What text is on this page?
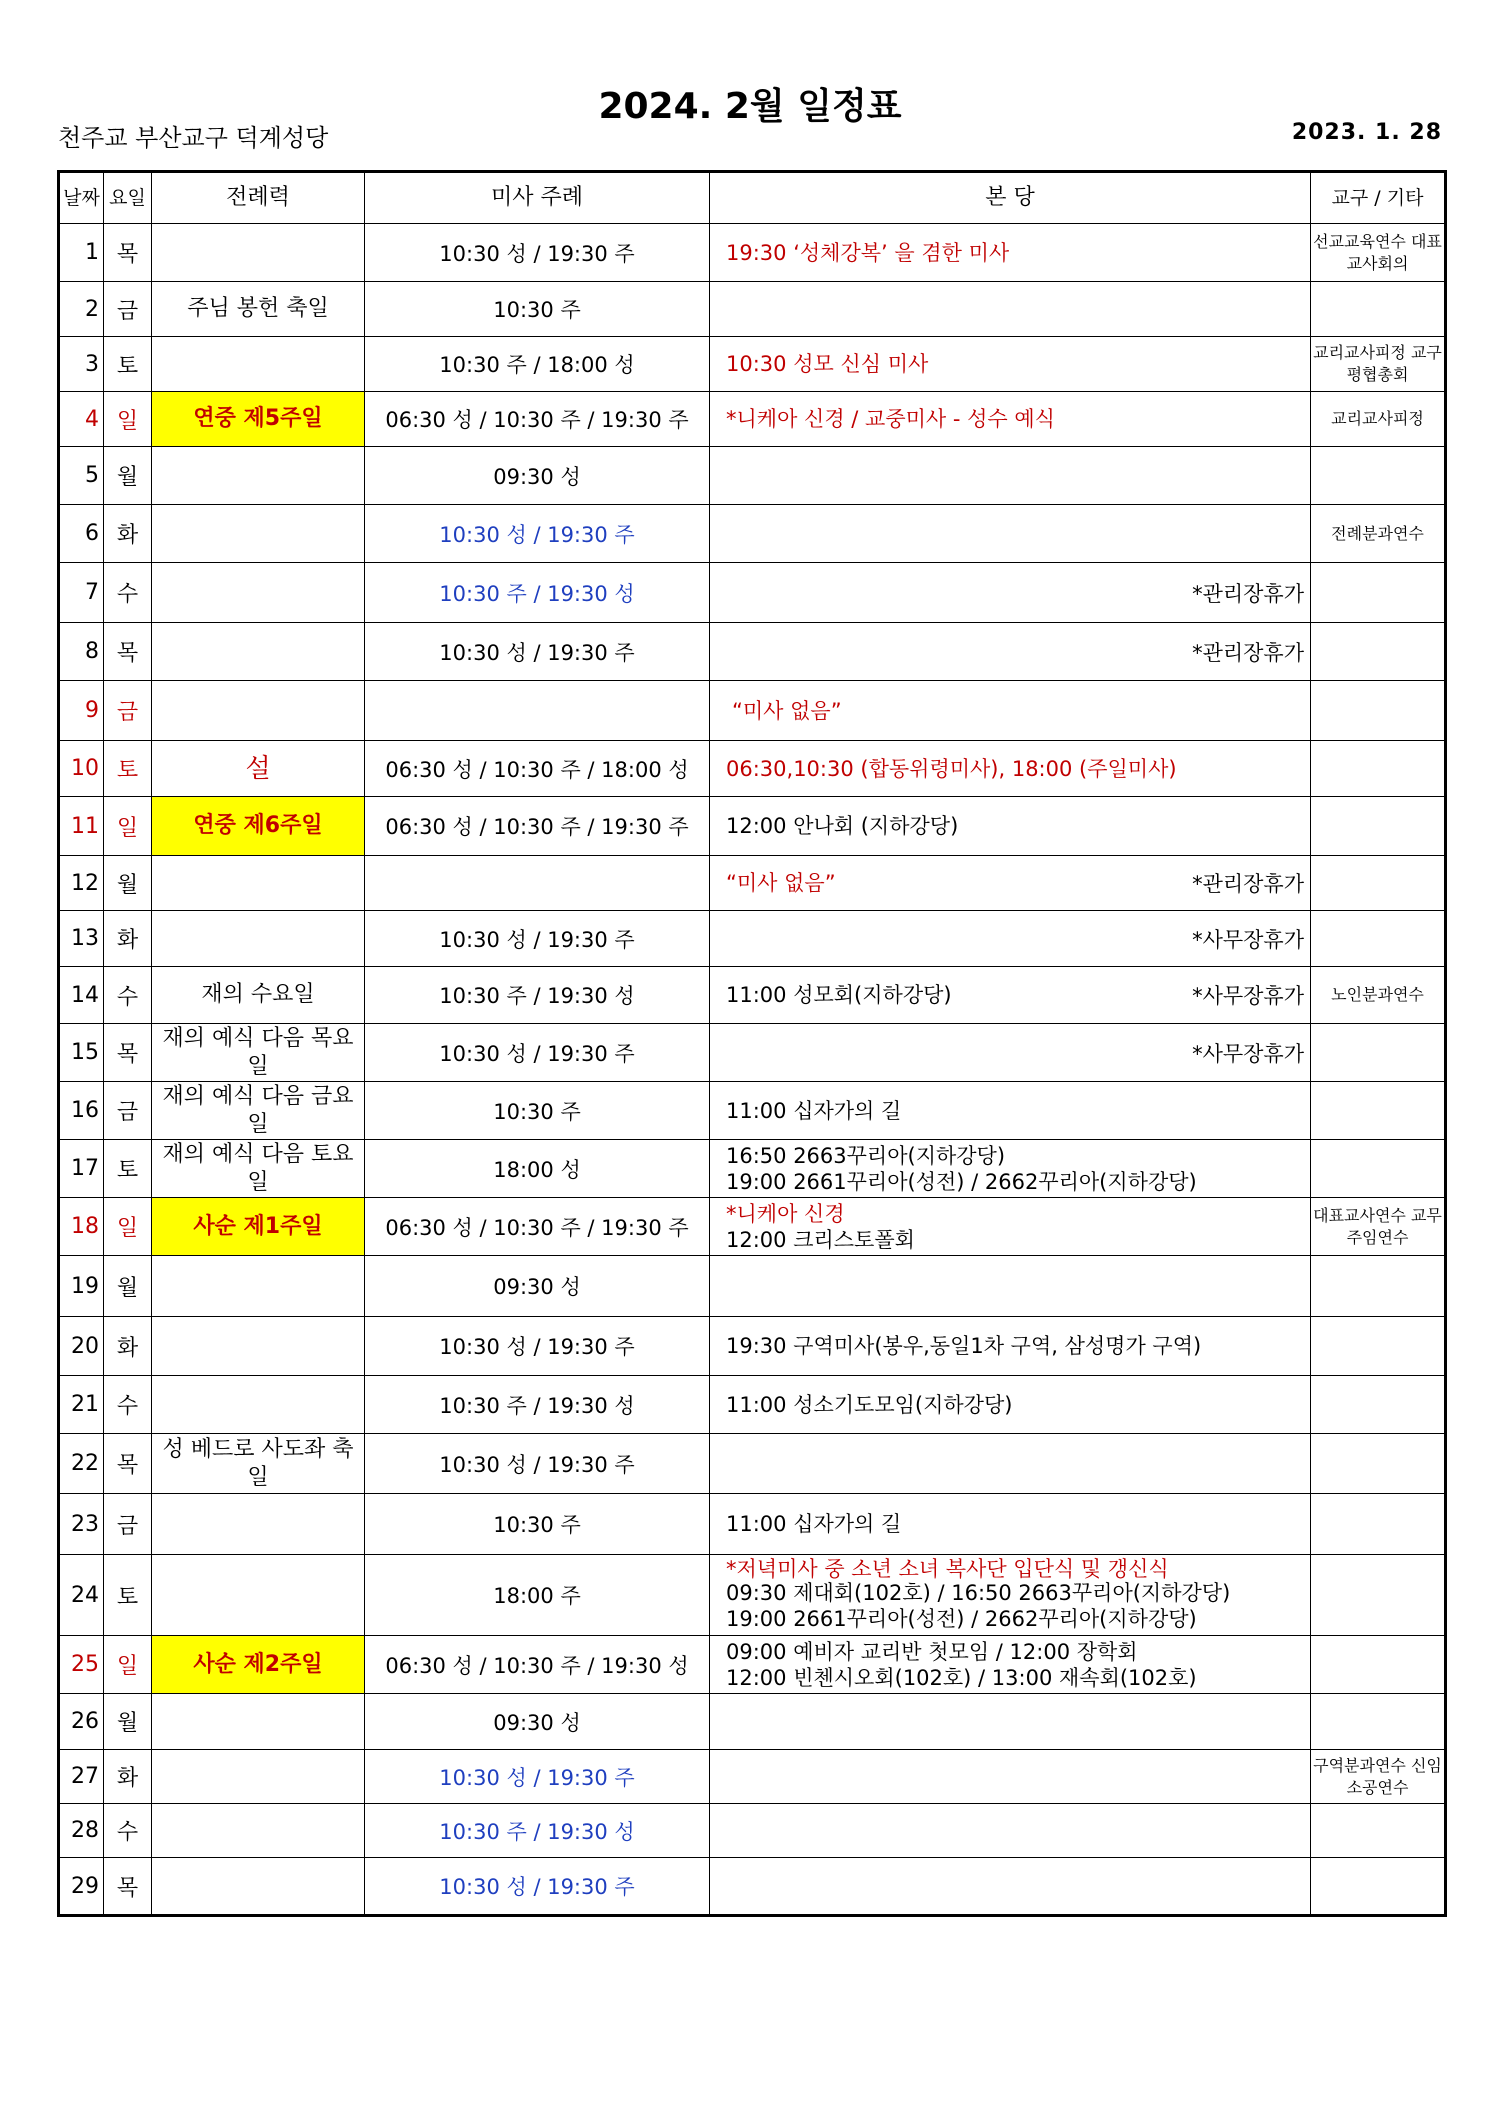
2024. 2월 일정표
천주교 부산교구 덕계성당	2023. 1. 28
날짜	요일	전례력	미사 주례	본 당	교구 / 기타
1	목		10:30 성 / 19:30 주	19:30 ‘성체강복’ 을 겸한 미사	선교교육연수 대표교사회의
2	금	주님 봉헌 축일	10:30 주	

3	토		10:30 주 / 18:00 성	10:30 성모 신심 미사	교리교사피정 교구평협총회
4	일	연중 제5주일	06:30 성 / 10:30 주 / 19:30 주	*니케아 신경 / 교중미사 - 성수 예식	교리교사피정
5	월		09:30 성	

6	화		10:30 성 / 19:30 주		전례분과연수
7	수		10:30 주 / 19:30 성	*관리장휴가	

8	목		10:30 성 / 19:30 주	*관리장휴가	

9	금			“미사 없음”	

10	토	설	06:30 성 / 10:30 주 / 18:00 성	06:30,10:30 (합동위령미사), 18:00 (주일미사)	

11	일	연중 제6주일	06:30 성 / 10:30 주 / 19:30 주	12:00 안나회 (지하강당)	

12	월			“미사 없음” *관리장휴가	

13	화		10:30 성 / 19:30 주	*사무장휴가	

14	수	재의 수요일	10:30 주 / 19:30 성	11:00 성모회(지하강당) *사무장휴가	노인분과연수
15	목	재의 예식 다음 목요일	10:30 성 / 19:30 주	*사무장휴가	

16	금	재의 예식 다음 금요일	10:30 주	11:00 십자가의 길	

17	토	재의 예식 다음 토요일	18:00 성	16:50 2663꾸리아(지하강당)
19:00 2661꾸리아(성전) / 2662꾸리아(지하강당)	

18	일	사순 제1주일	06:30 성 / 10:30 주 / 19:30 주	*니케아 신경
12:00 크리스토폴회	대표교사연수 교무주임연수
19	월		09:30 성	

20	화		10:30 성 / 19:30 주	19:30 구역미사(봉우,동일1차 구역, 삼성명가 구역)	

21	수		10:30 주 / 19:30 성	11:00 성소기도모임(지하강당)	

22	목	성 베드로 사도좌 축일	10:30 성 / 19:30 주	

23	금		10:30 주	11:00 십자가의 길	

24	토		18:00 주	*저녁미사 중 소년 소녀 복사단 입단식 및 갱신식
09:30 제대회(102호) / 16:50 2663꾸리아(지하강당)
19:00 2661꾸리아(성전) / 2662꾸리아(지하강당)	

25	일	사순 제2주일	06:30 성 / 10:30 주 / 19:30 성	09:00 예비자 교리반 첫모임 / 12:00 장학회
12:00 빈첸시오회(102호) / 13:00 재속회(102호)	

26	월		09:30 성	

27	화		10:30 성 / 19:30 주		구역분과연수 신임소공연수
28	수		10:30 주 / 19:30 성	

29	목		10:30 성 / 19:30 주	
